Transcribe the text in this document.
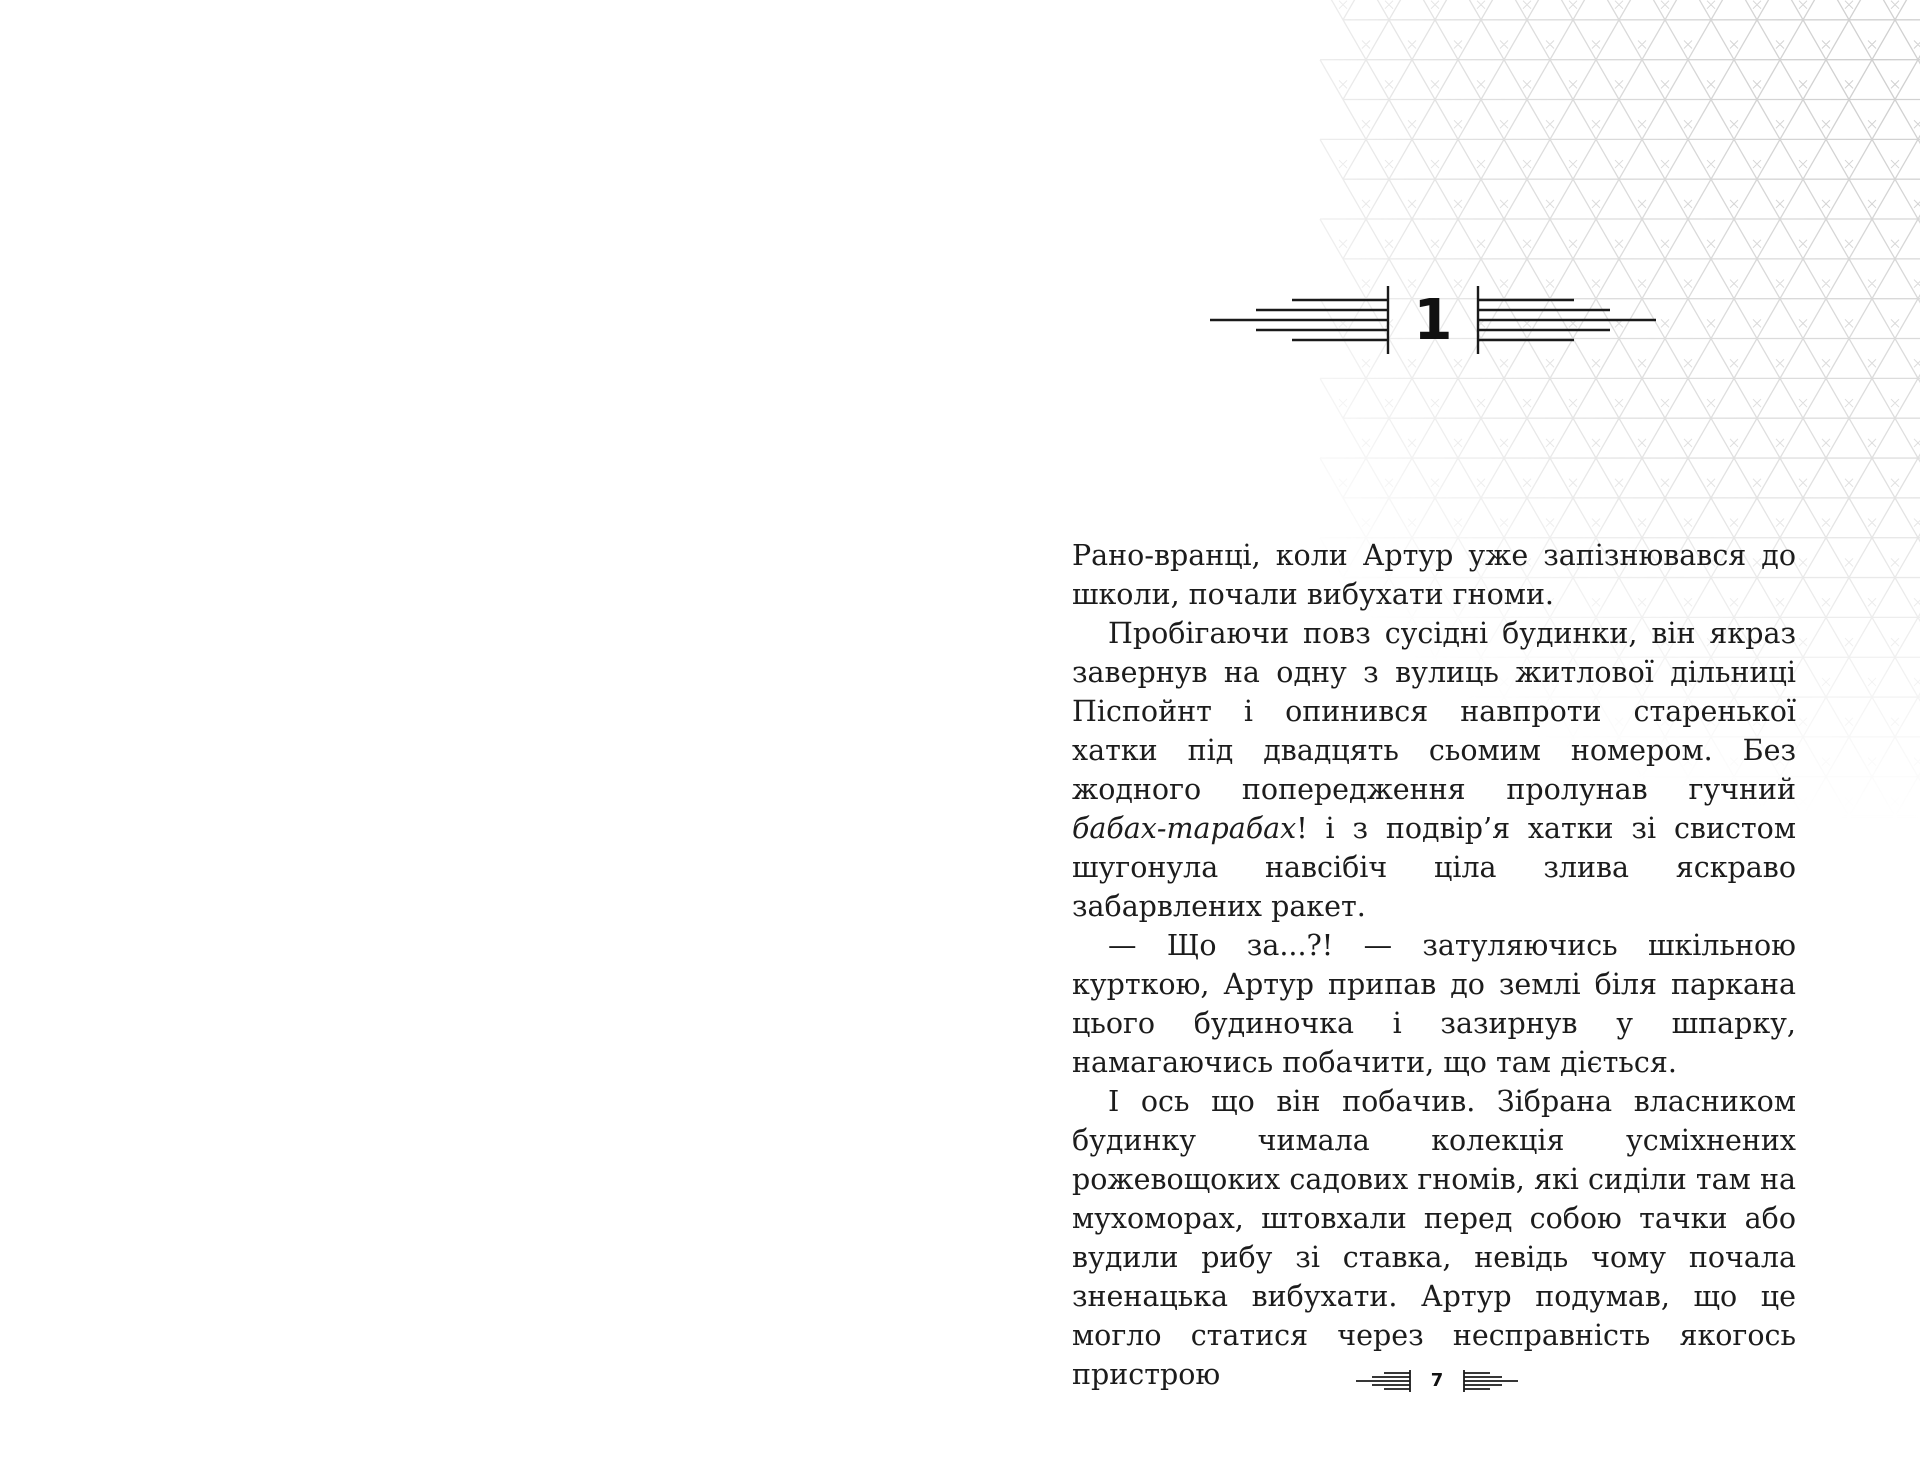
1

Рано-вранці, коли Артур уже запізнювався до школи, почали вибухати гноми.

Пробігаючи повз сусідні будинки, він якраз завернув на одну з вулиць житлової дільниці Піспойнт і опинився навпроти старенької хатки під двадцять сьомим номером. Без жодного попередження пролунав гучний бабах-тарабах! і з подвір’я хатки зі свистом шугонула навсібіч ціла злива яскраво забарвлених ракет.

— Що за...?! — затуляючись шкільною курткою, Артур припав до землі біля паркана цього будиночка і зазирнув у шпарку, намагаючись побачити, що там діється.

І ось що він побачив. Зібрана власником будинку чимала колекція усміхнених рожевощоких садових гномів, які сиділи там на мухоморах, штовхали перед собою тачки або вудили рибу зі ставка, невідь чому почала зненацька вибухати. Артур подумав, що це могло статися через несправність якогось пристрою	7
